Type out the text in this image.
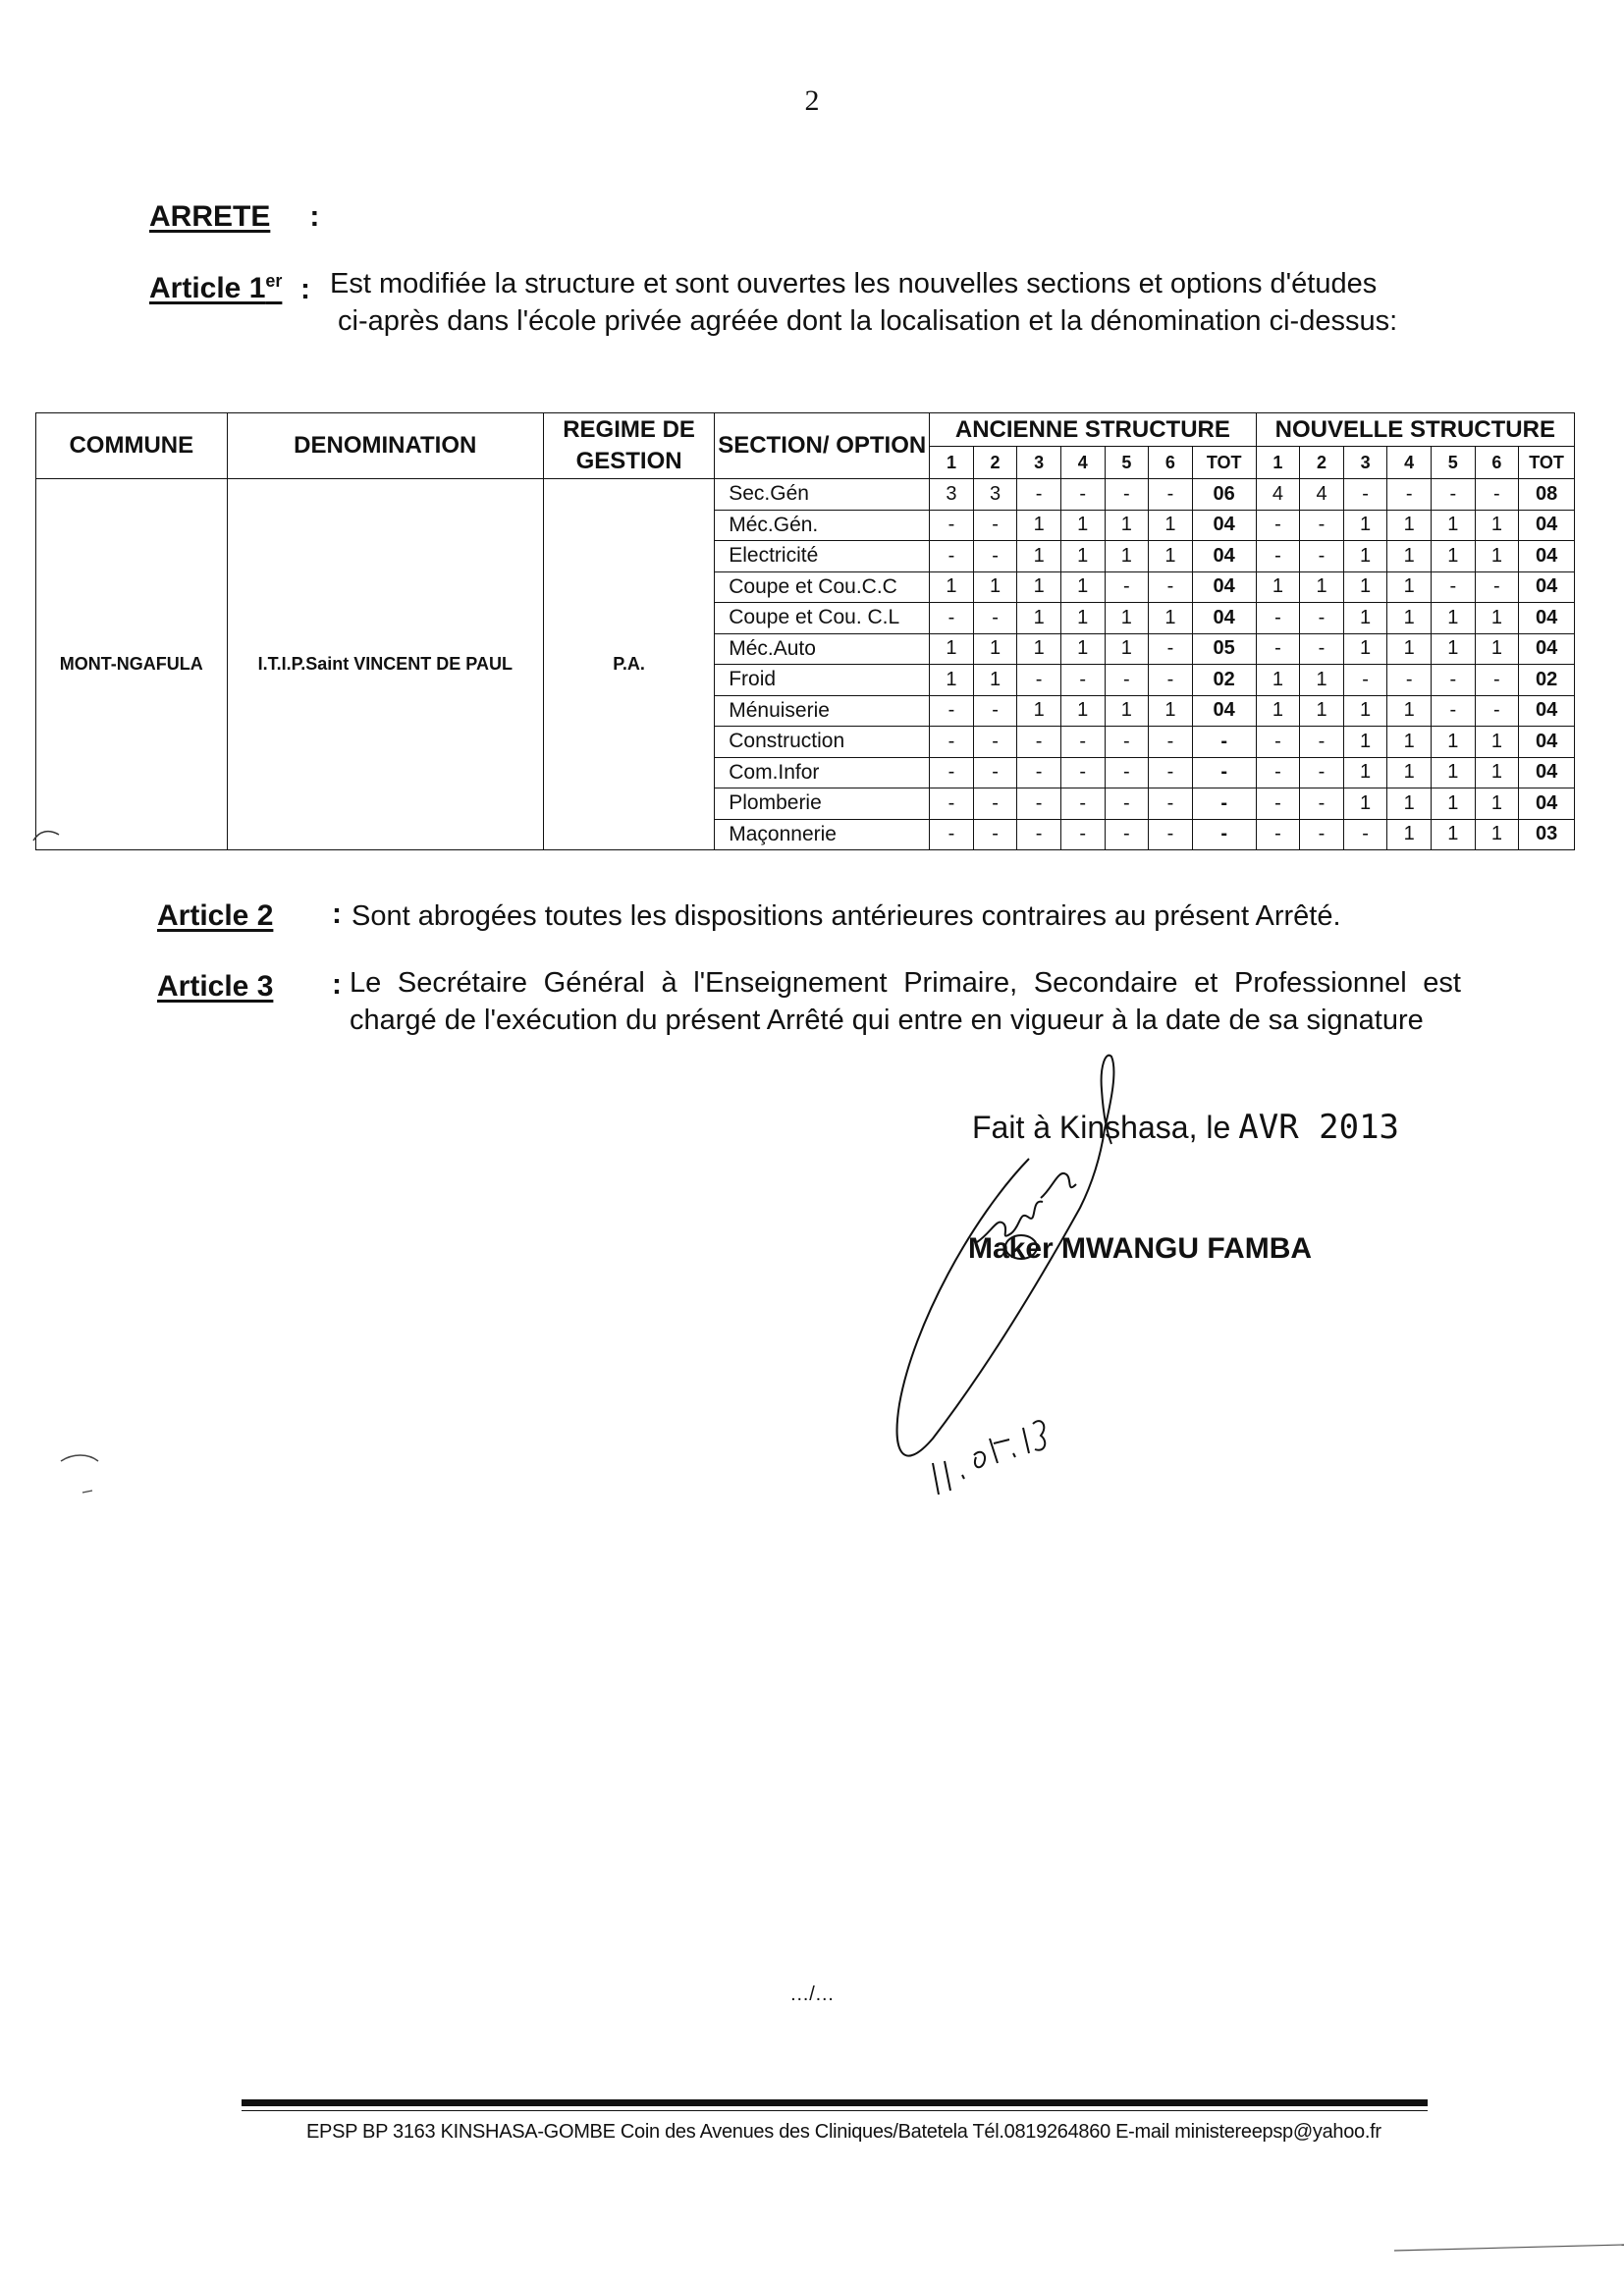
2
ARRETE :
Article 1er : Est modifiée la structure et sont ouvertes les nouvelles sections et options d'études
ci-après dans l'école privée agréée dont la localisation et la dénomination ci-dessus:
COMMUNE	DENOMINATION	REGIME DE GESTION	SECTION/ OPTION	ANCIENNE STRUCTURE							NOUVELLE STRUCTURE						
				1	2	3	4	5	6	TOT	1	2	3	4	5	6	TOT
MONT-NGAFULA	I.T.I.P.Saint VINCENT DE PAUL	P.A.	Sec.Gén	3	3	-	-	-	-	06	4	4	-	-	-	-	08
			Méc.Gén.	-	-	1	1	1	1	04	-	-	1	1	1	1	04
			Electricité	-	-	1	1	1	1	04	-	-	1	1	1	1	04
			Coupe et Cou.C.C	1	1	1	1	-	-	04	1	1	1	1	-	-	04
			Coupe et Cou. C.L	-	-	1	1	1	1	04	-	-	1	1	1	1	04
			Méc.Auto	1	1	1	1	1	-	05	-	-	1	1	1	1	04
			Froid	1	1	-	-	-	-	02	1	1	-	-	-	-	02
			Ménuiserie	-	-	1	1	1	1	04	1	1	1	1	-	-	04
			Construction	-	-	-	-	-	-	-	-	-	1	1	1	1	04
			Com.Infor	-	-	-	-	-	-	-	-	-	1	1	1	1	04
			Plomberie	-	-	-	-	-	-	-	-	-	1	1	1	1	04
			Maçonnerie	-	-	-	-	-	-	-	-	-	-	1	1	1	03
Article 2 : Sont abrogées toutes les dispositions antérieures contraires au présent Arrêté.
Article 3 : Le Secrétaire Général à l'Enseignement Primaire, Secondaire et Professionnel est chargé de l'exécution du présent Arrêté qui entre en vigueur à la date de sa signature
Fait à Kinshasa, le AVR 2013
Maker MWANGU FAMBA
…/…
EPSP BP 3163 KINSHASA-GOMBE Coin des Avenues des Cliniques/Batetela Tél.0819264860 E-mail ministereepsp@yahoo.fr
